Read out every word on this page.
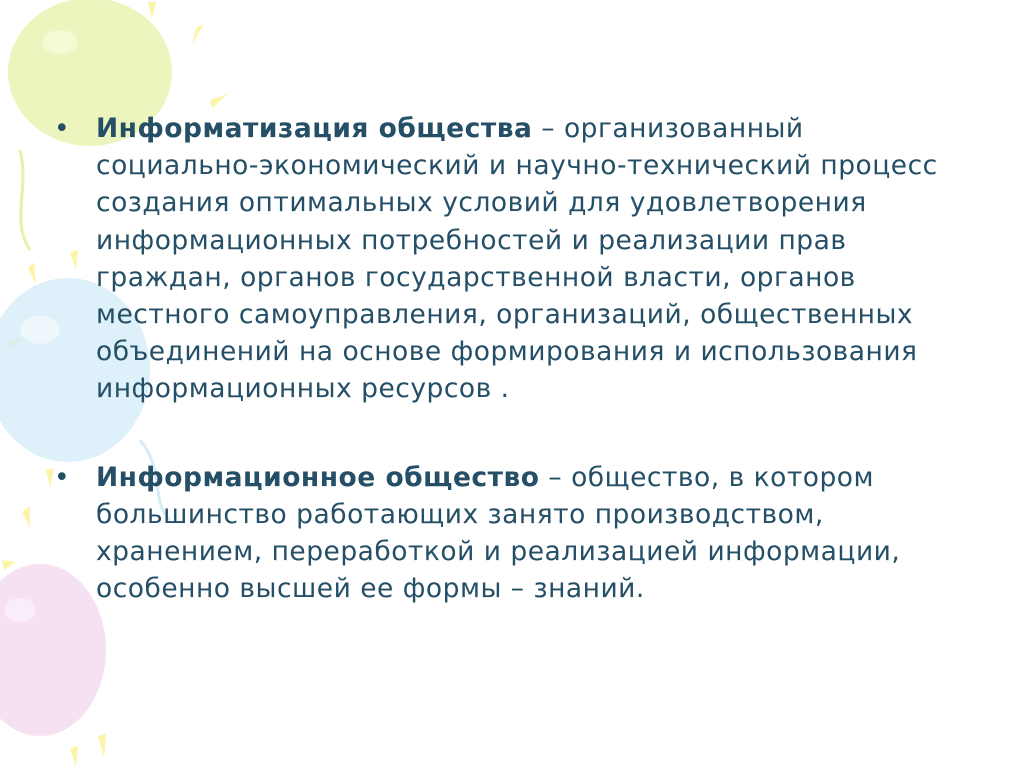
• Информатизация общества – организованный социально-экономический и научно-технический процесс создания оптимальных условий для удовлетворения информационных потребностей и реализации прав граждан, органов государственной власти, органов местного самоуправления, организаций, общественных объединений на основе формирования и использования информационных ресурсов .

• Информационное общество – общество, в котором большинство работающих занято производством, хранением, переработкой и реализацией информации, особенно высшей ее формы – знаний.
